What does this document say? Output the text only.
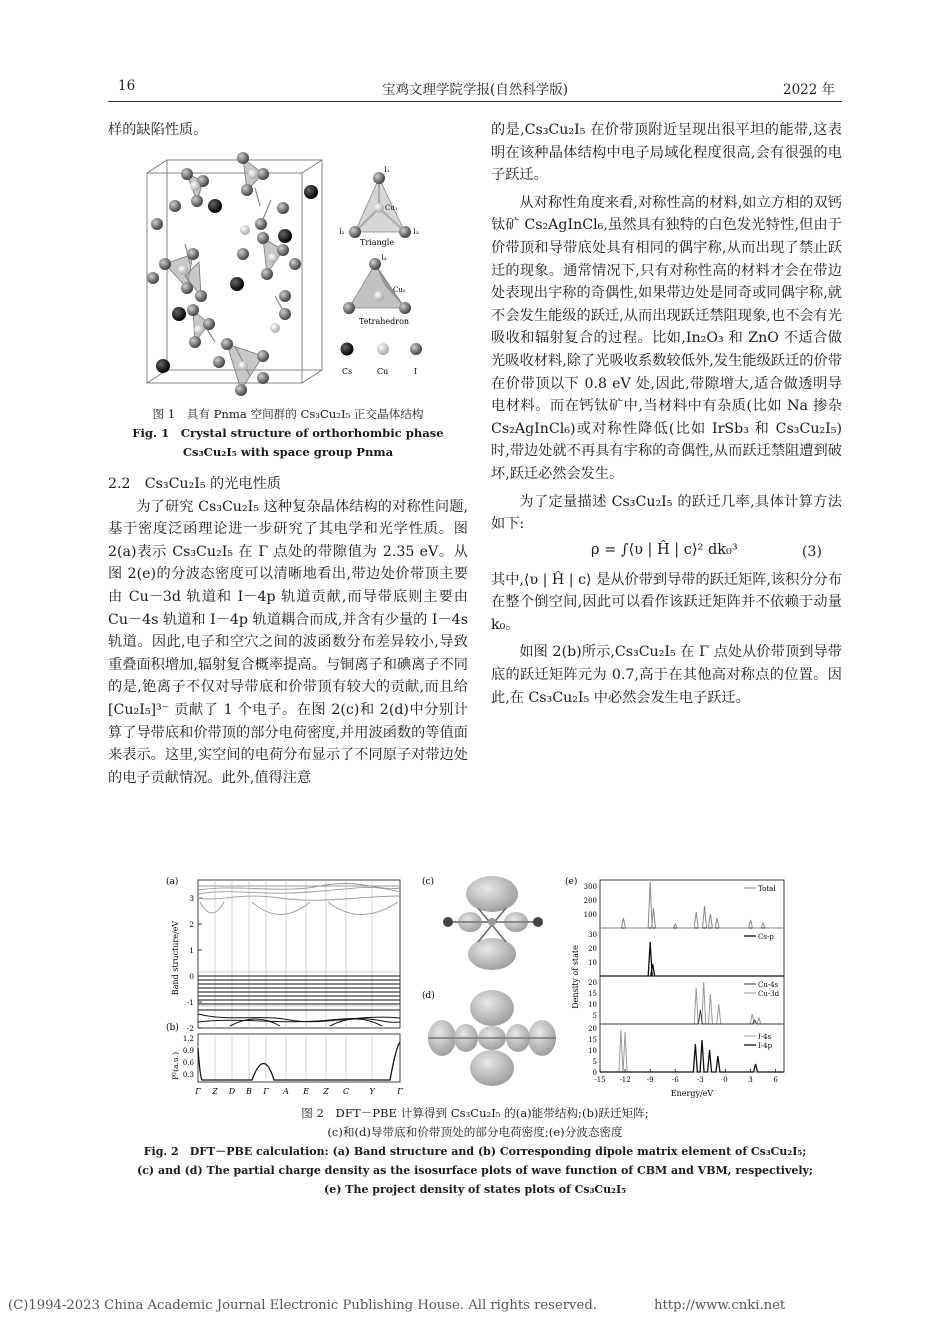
16	宝鸡文理学院学报(自然科学版)	2022 年

样的缺陷性质。

I₁
Cu₁
I₂	I₃
Triangle
I₄
Cu₂
Tetrahedron
Cs	Cu	I
图 1　具有 Pnma 空间群的 Cs₃Cu₂I₅ 正交晶体结构
Fig. 1　Crystal structure of orthorhombic phase
Cs₃Cu₂I₅ with space group Pnma

2.2　Cs₃Cu₂I₅ 的光电性质

为了研究 Cs₃Cu₂I₅ 这种复杂晶体结构的对称性问题,基于密度泛函理论进一步研究了其电学和光学性质。图 2(a)表示 Cs₃Cu₂I₅ 在 Γ 点处的带隙值为 2.35 eV。从图 2(e)的分波态密度可以清晰地看出,带边处价带顶主要由 Cu－3d 轨道和 I－4p 轨道贡献,而导带底则主要由 Cu－4s 轨道和 I－4p 轨道耦合而成,并含有少量的 I－4s 轨道。因此,电子和空穴之间的波函数分布差异较小,导致重叠面积增加,辐射复合概率提高。与铜离子和碘离子不同的是,铯离子不仅对导带底和价带顶有较大的贡献,而且给[Cu₂I₅]³⁻ 贡献了 1 个电子。在图 2(c)和 2(d)中分别计算了导带底和价带顶的部分电荷密度,并用波函数的等值面来表示。这里,实空间的电荷分布显示了不同原子对带边处的电子贡献情况。此外,值得注意

的是,Cs₃Cu₂I₅ 在价带顶附近呈现出很平坦的能带,这表明在该种晶体结构中电子局域化程度很高,会有很强的电子跃迁。

从对称性角度来看,对称性高的材料,如立方相的双钙钛矿 Cs₂AgInCl₆,虽然具有独特的白色发光特性,但由于价带顶和导带底处具有相同的偶宇称,从而出现了禁止跃迁的现象。通常情况下,只有对称性高的材料才会在带边处表现出宇称的奇偶性,如果带边处是同奇或同偶宇称,就不会发生能级的跃迁,从而出现跃迁禁阻现象,也不会有光吸收和辐射复合的过程。比如,In₂O₃ 和 ZnO 不适合做光吸收材料,除了光吸收系数较低外,发生能级跃迁的价带在价带顶以下 0.8 eV 处,因此,带隙增大,适合做透明导电材料。而在钙钛矿中,当材料中有杂质(比如 Na 掺杂 Cs₂AgInCl₆)或对称性降低(比如 IrSb₃ 和 Cs₃Cu₂I₅)时,带边处就不再具有宇称的奇偶性,从而跃迁禁阻遭到破坏,跃迁必然会发生。

为了定量描述 Cs₃Cu₂I₅ 的跃迁几率,具体计算方法如下:

ρ = ∫⟨υ | Ĥ | c⟩² dk₀³	(3)

其中,⟨υ | Ĥ | c⟩ 是从价带到导带的跃迁矩阵,该积分分布在整个倒空间,因此可以看作该跃迁矩阵并不依赖于动量 k₀。

如图 2(b)所示,Cs₃Cu₂I₅ 在 Γ 点处从价带顶到导带底的跃迁矩阵元为 0.7,高于在其他高对称点的位置。因此,在 Cs₃Cu₂I₅ 中必然会发生电子跃迁。

(a)
Band structure/eV
3
2
1
0
-1
-2
(b)
P²(a.u.)
1.2
0.9
0.6
0.3
Γ Z D B Γ A E Z C	Y	Γ
(c)
(d)
(e)
Density of state
300
200
100
30
20
10
20
15
10
5
20
15
10
5
0
-15 -12 -9	-6	-3	0	3	6
Energy/eV
Total
Cs-p
Cu-4s
Cu-3d
I-4s
I-4p
图 2　DFT－PBE 计算得到 Cs₃Cu₂I₅ 的(a)能带结构;(b)跃迁矩阵;
(c)和(d)导带底和价带顶处的部分电荷密度;(e)分波态密度
Fig. 2　DFT－PBE calculation: (a) Band structure and (b) Corresponding dipole matrix element of Cs₃Cu₂I₅;
(c) and (d) The partial charge density as the isosurface plots of wave function of CBM and VBM, respectively;
(e) The project density of states plots of Cs₃Cu₂I₅
(C)1994-2023 China Academic Journal Electronic Publishing House. All rights reserved.	http://www.cnki.net
